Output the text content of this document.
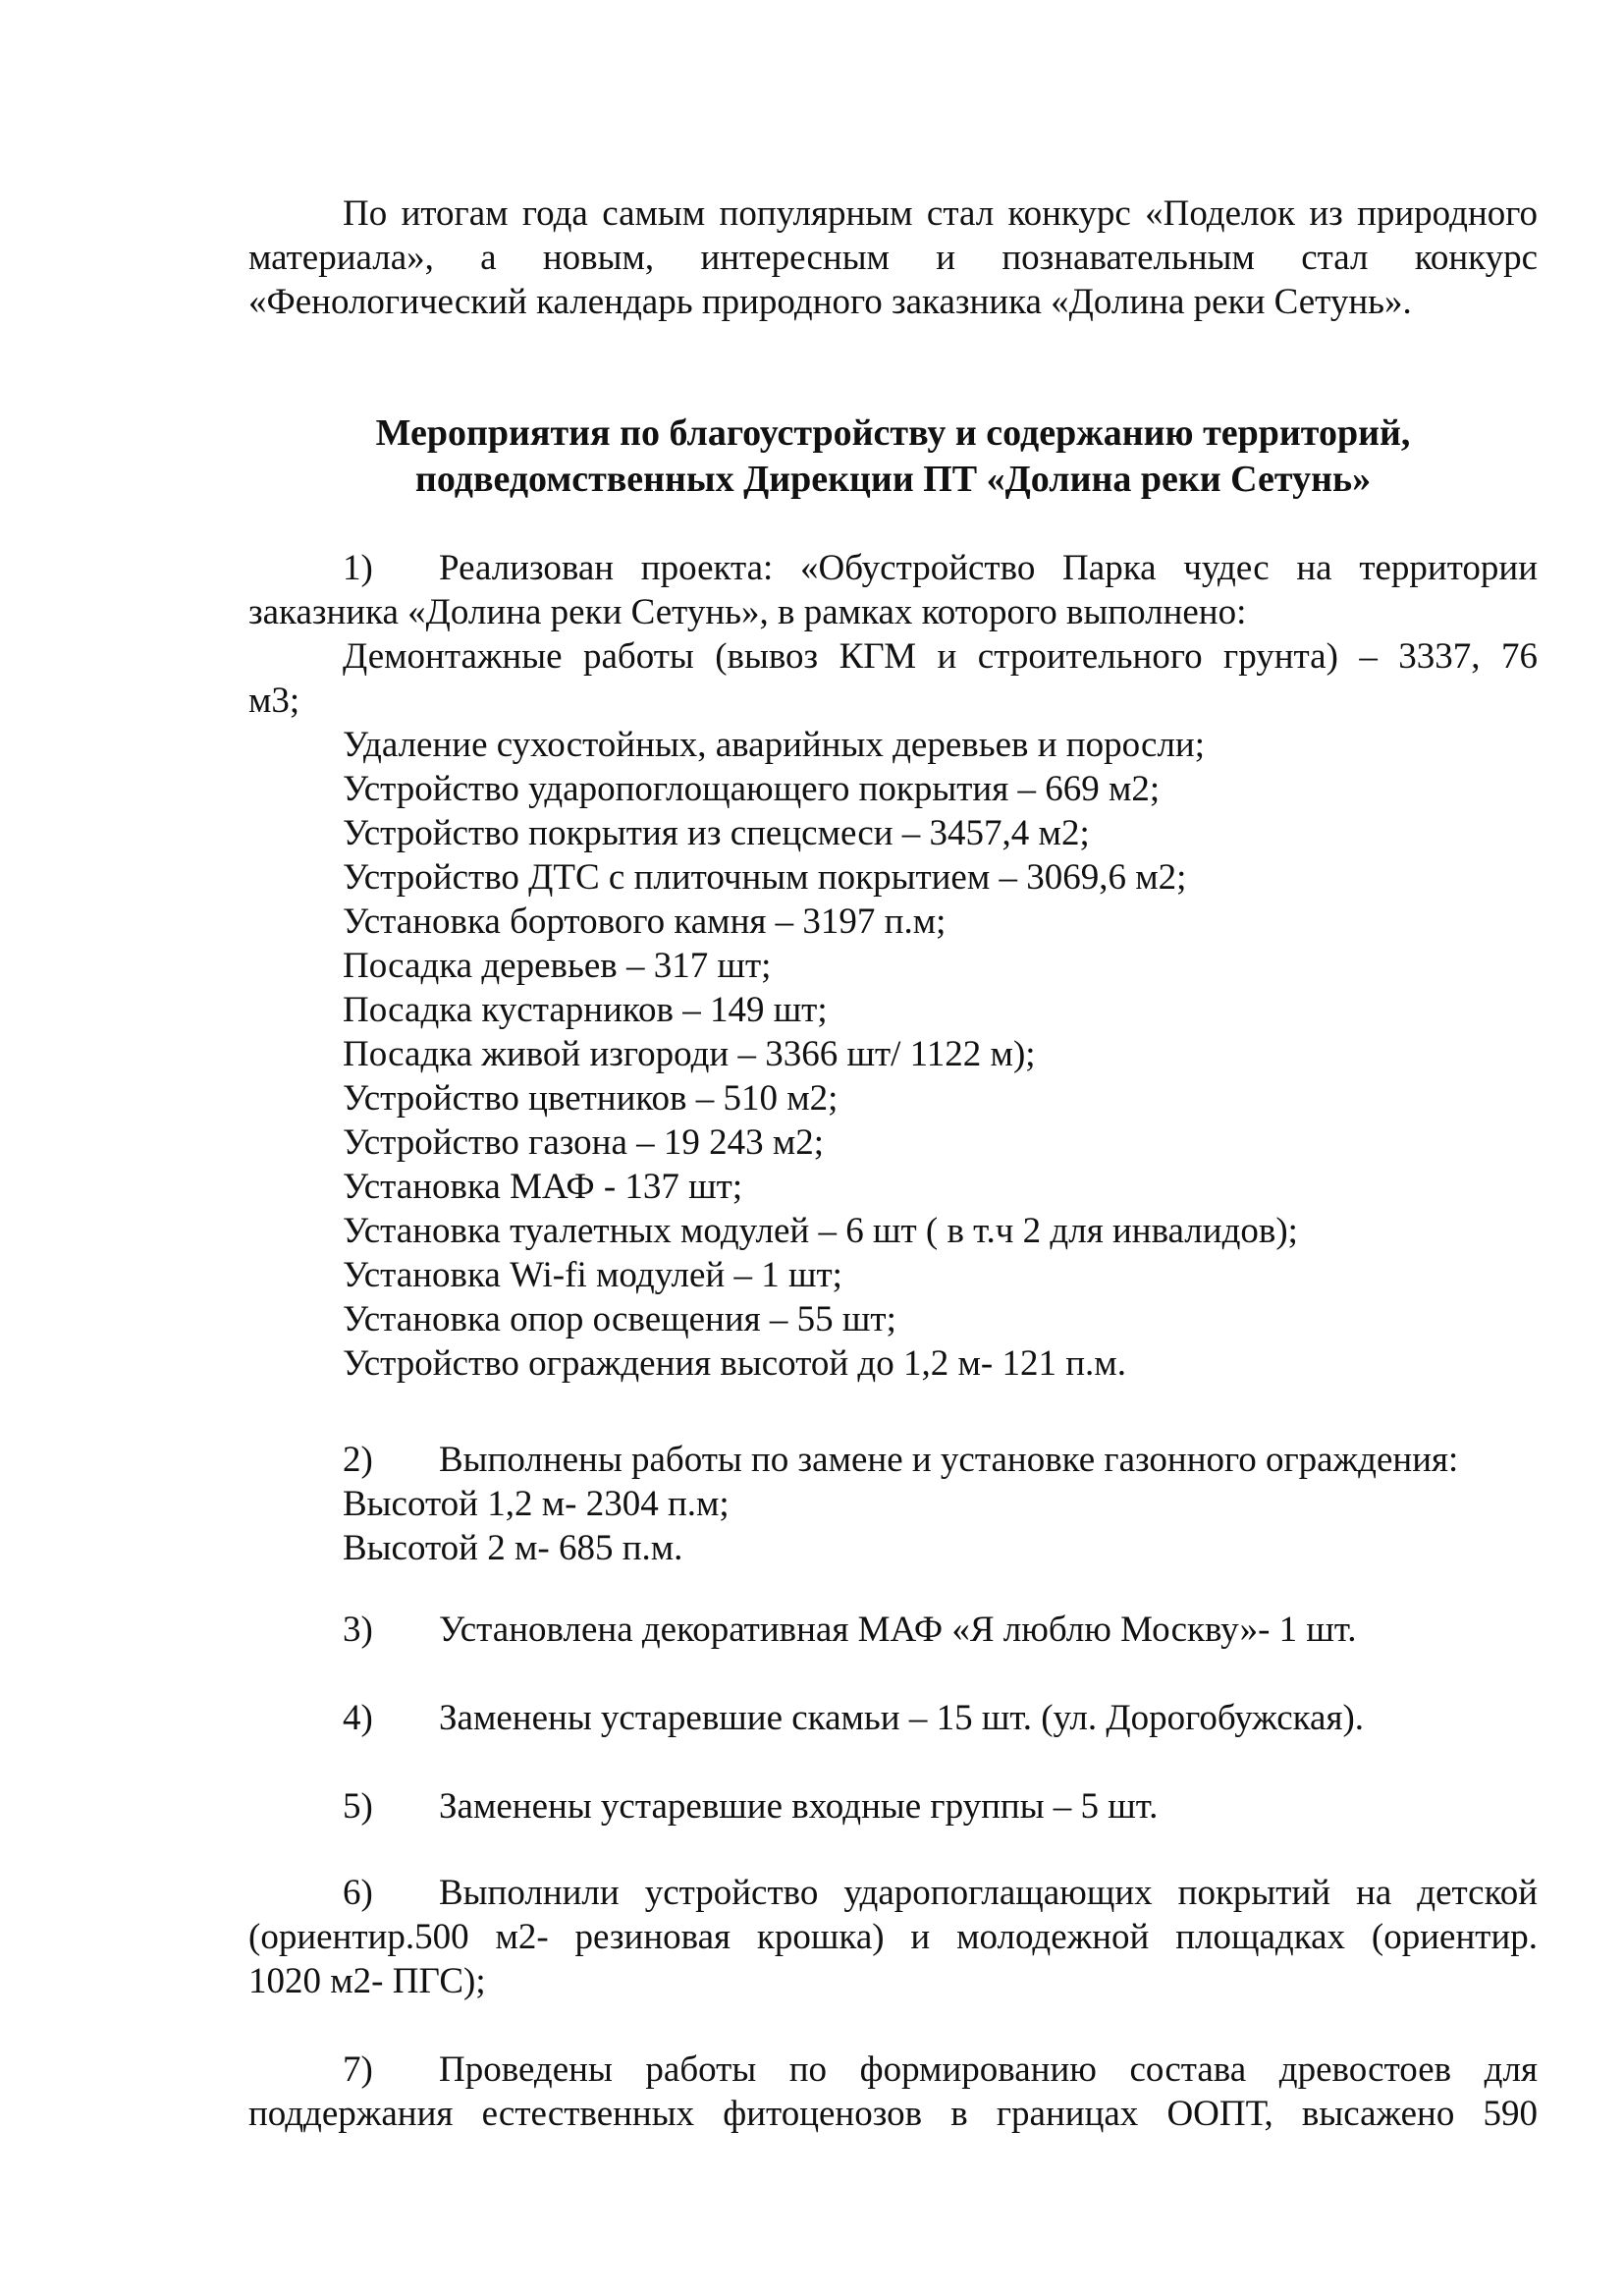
По итогам года самым популярным стал конкурс «Поделок из природного
материала», а новым, интересным и познавательным стал конкурс
«Фенологический календарь природного заказника «Долина реки Сетунь».
Мероприятия по благоустройству и содержанию территорий,
подведомственных Дирекции ПТ «Долина реки Сетунь»
1)	Реализован проекта: «Обустройство Парка чудес на территории
заказника «Долина реки Сетунь», в рамках которого выполнено:
Демонтажные работы (вывоз КГМ и строительного грунта) – 3337, 76
м3;
Удаление сухостойных, аварийных деревьев и поросли;
Устройство ударопоглощающего покрытия – 669 м2;
Устройство покрытия из спецсмеси – 3457,4 м2;
Устройство ДТС с плиточным покрытием – 3069,6 м2;
Установка бортового камня – 3197 п.м;
Посадка деревьев – 317 шт;
Посадка кустарников – 149 шт;
Посадка живой изгороди – 3366 шт/ 1122 м);
Устройство цветников – 510 м2;
Устройство газона – 19 243 м2;
Установка МАФ - 137 шт;
Установка туалетных модулей – 6 шт ( в т.ч 2 для инвалидов);
Установка Wi-fi модулей – 1 шт;
Установка опор освещения – 55 шт;
Устройство ограждения высотой до 1,2 м- 121 п.м.
2)	Выполнены работы по замене и установке газонного ограждения:
Высотой 1,2 м- 2304 п.м;
Высотой 2 м- 685 п.м.
3)	Установлена декоративная МАФ «Я люблю Москву»- 1 шт.
4)	Заменены устаревшие скамьи – 15 шт. (ул. Дорогобужская).
5)	Заменены устаревшие входные группы – 5 шт.
6)	Выполнили устройство ударопоглащающих покрытий на детской
(ориентир.500 м2- резиновая крошка) и молодежной площадках (ориентир.
1020 м2- ПГС);
7)	Проведены работы по формированию состава древостоев для
поддержания естественных фитоценозов в границах ООПТ, высажено 590
